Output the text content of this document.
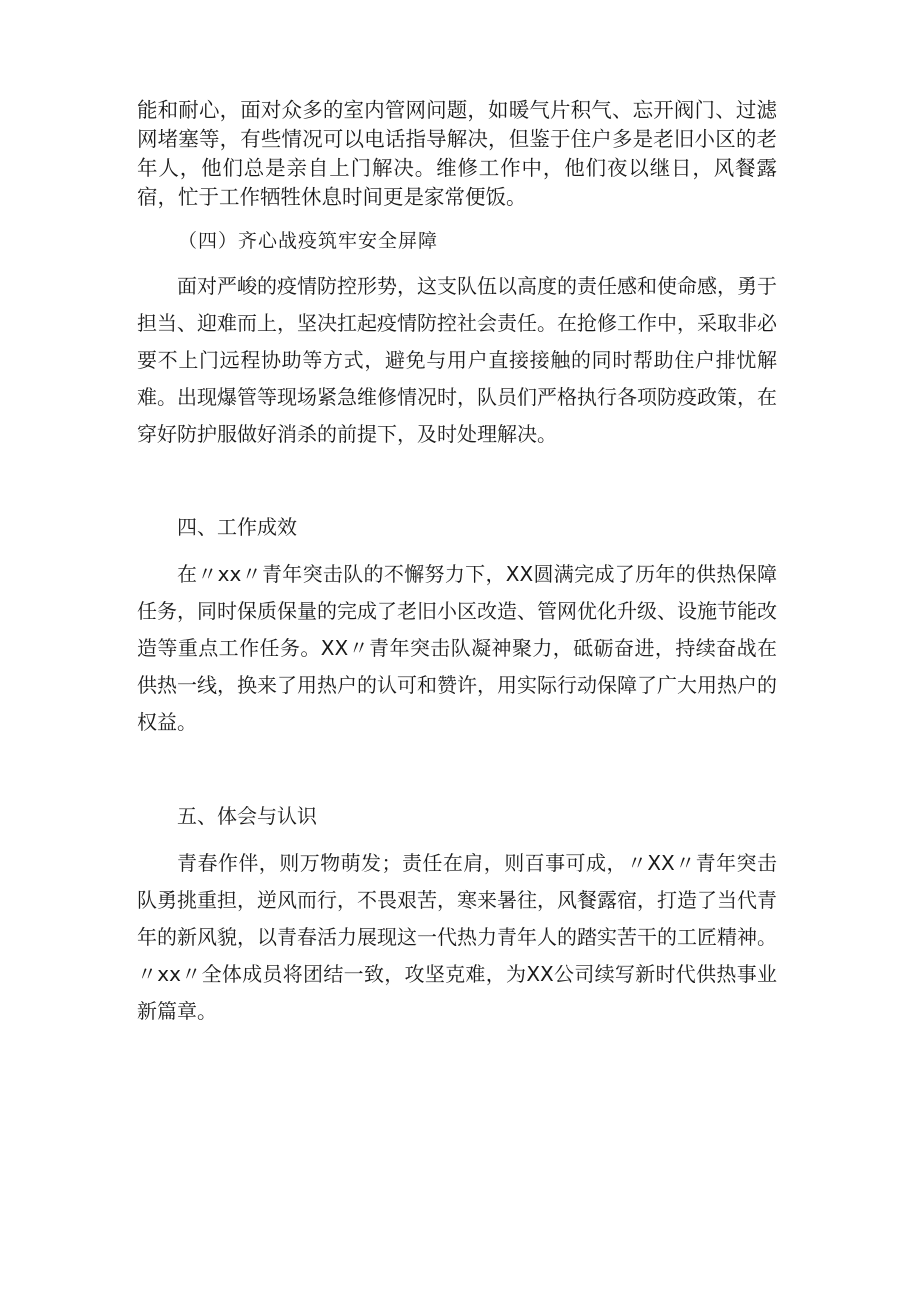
能和耐心，面对众多的室内管网问题，如暖气片积气、忘开阀门、过滤网堵塞等，有些情况可以电话指导解决，但鉴于住户多是老旧小区的老年人，他们总是亲自上门解决。维修工作中，他们夜以继日，风餐露宿，忙于工作牺牲休息时间更是家常便饭。

（四）齐心战疫筑牢安全屏障

面对严峻的疫情防控形势，这支队伍以高度的责任感和使命感，勇于担当、迎难而上，坚决扛起疫情防控社会责任。在抢修工作中，采取非必要不上门远程协助等方式，避免与用户直接接触的同时帮助住户排忧解难。出现爆管等现场紧急维修情况时，队员们严格执行各项防疫政策，在穿好防护服做好消杀的前提下，及时处理解决。

四、工作成效

在〃xx〃青年突击队的不懈努力下，XX圆满完成了历年的供热保障任务，同时保质保量的完成了老旧小区改造、管网优化升级、设施节能改造等重点工作任务。XX〃青年突击队凝神聚力，砥砺奋进，持续奋战在供热一线，换来了用热户的认可和赞许，用实际行动保障了广大用热户的权益。

五、体会与认识

青春作伴，则万物萌发；责任在肩，则百事可成，〃XX〃青年突击队勇挑重担，逆风而行，不畏艰苦，寒来暑往，风餐露宿，打造了当代青年的新风貌，以青春活力展现这一代热力青年人的踏实苦干的工匠精神。〃xx〃全体成员将团结一致，攻坚克难，为XX公司续写新时代供热事业新篇章。
